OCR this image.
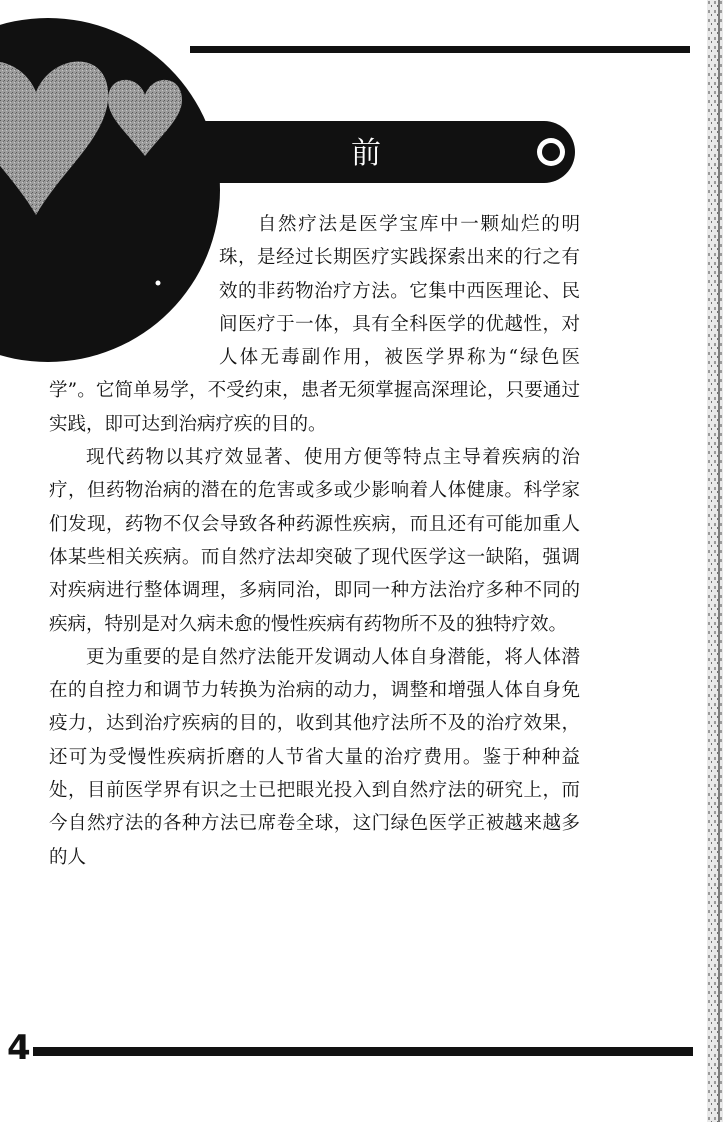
前 言

自然疗法是医学宝库中一颗灿烂的明珠，是经过长期医疗实践探索出来的行之有效的非药物治疗方法。它集中西医理论、民间医疗于一体，具有全科医学的优越性，对人体无毒副作用，被医学界称为“绿色医学”。它简单易学，不受约束，患者无须掌握高深理论，只要通过实践，即可达到治病疗疾的目的。

现代药物以其疗效显著、使用方便等特点主导着疾病的治疗，但药物治病的潜在的危害或多或少影响着人体健康。科学家们发现，药物不仅会导致各种药源性疾病，而且还有可能加重人体某些相关疾病。而自然疗法却突破了现代医学这一缺陷，强调对疾病进行整体调理，多病同治，即同一种方法治疗多种不同的疾病，特别是对久病未愈的慢性疾病有药物所不及的独特疗效。

更为重要的是自然疗法能开发调动人体自身潜能，将人体潜在的自控力和调节力转换为治病的动力，调整和增强人体自身免疫力，达到治疗疾病的目的，收到其他疗法所不及的治疗效果，还可为受慢性疾病折磨的人节省大量的治疗费用。鉴于种种益处，目前医学界有识之士已把眼光投入到自然疗法的研究上，而今自然疗法的各种方法已席卷全球，这门绿色医学正被越来越多的人

4
